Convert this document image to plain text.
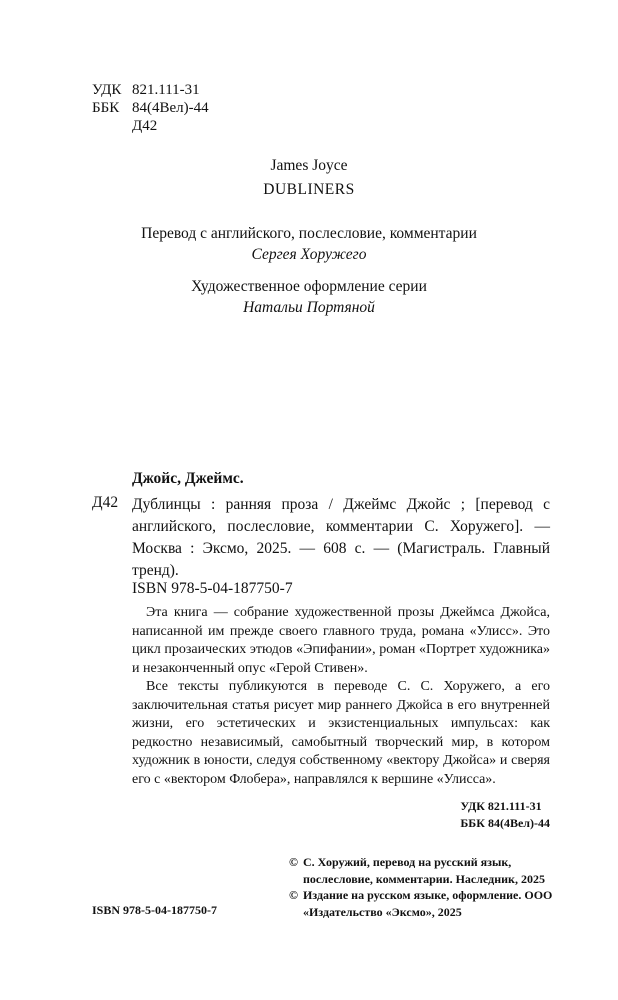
УДК 821.111-31
ББК 84(4Вел)-44
Д42
James Joyce
DUBLINERS
Перевод с английского, послесловие, комментарии
Сергея Хоружего
Художественное оформление серии
Натальи Портяной
Джойс, Джеймс.
Д42 Дублинцы : ранняя проза / Джеймс Джойс ; [перевод с английского, послесловие, комментарии С. Хоружего]. — Москва : Эксмо, 2025. — 608 с. — (Магистраль. Главный тренд).

ISBN 978-5-04-187750-7

Эта книга — собрание художественной прозы Джеймса Джойса, написанной им прежде своего главного труда, романа «Улисс». Это цикл прозаических этюдов «Эпифании», роман «Портрет художника» и незаконченный опус «Герой Стивен».

Все тексты публикуются в переводе С. С. Хоружего, а его заключительная статья рисует мир раннего Джойса в его внутренней жизни, его эстетических и экзистенциальных импульсах: как редкостно независимый, самобытный творческий мир, в котором художник в юности, следуя собственному «вектору Джойса» и сверяя его с «вектором Флобера», направлялся к вершине «Улисса».

УДК 821.111-31
ББК 84(4Вел)-44
© С. Хоружий, перевод на русский язык, послесловие, комментарии. Наследник, 2025
© Издание на русском языке, оформление. ООО «Издательство «Эксмо», 2025
ISBN 978-5-04-187750-7
